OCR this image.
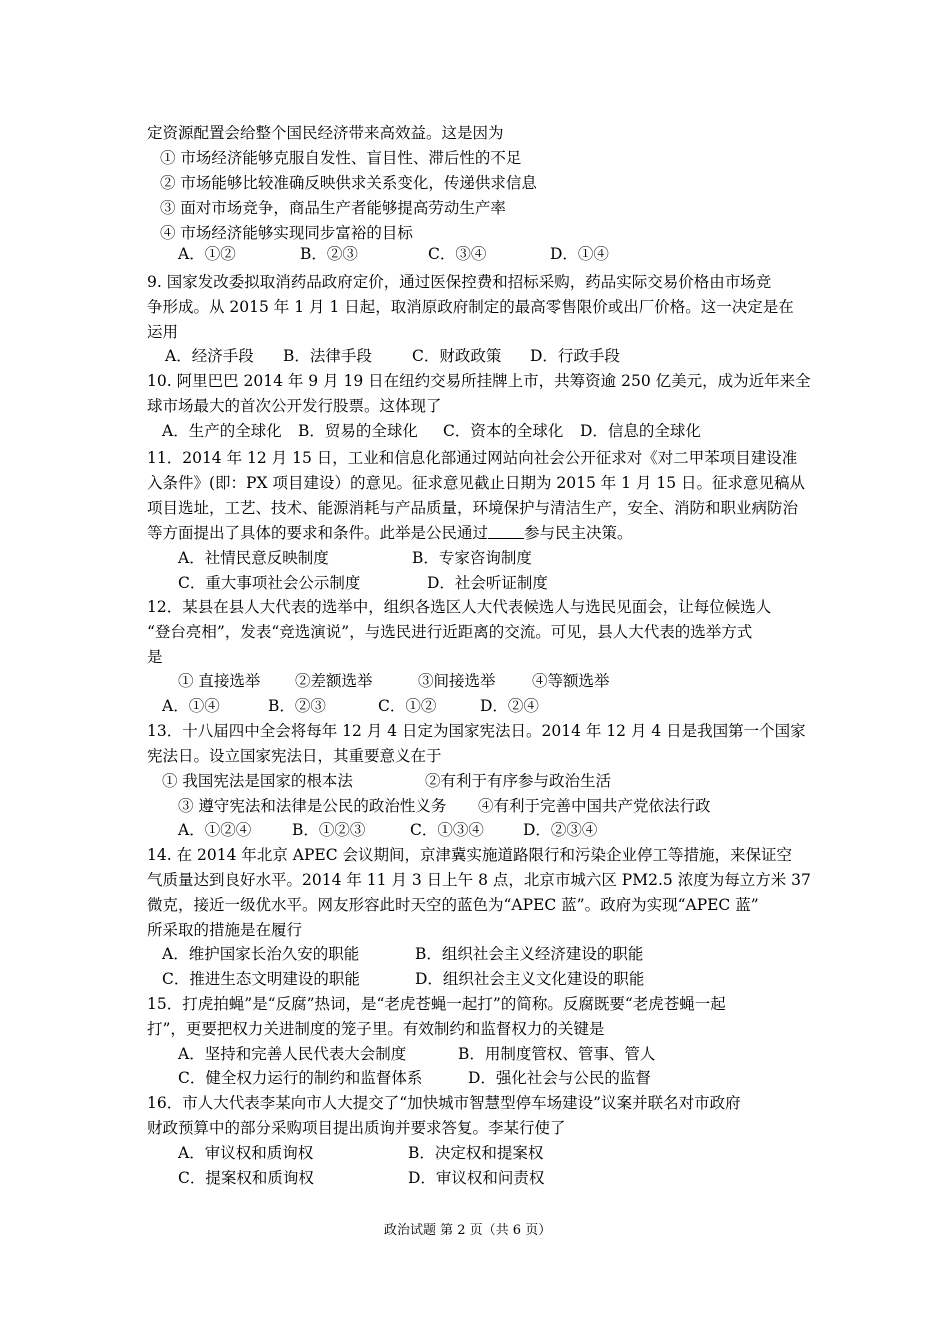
定资源配置会给整个国民经济带来高效益。这是因为
① 市场经济能够克服自发性、盲目性、滞后性的不足
② 市场能够比较准确反映供求关系变化，传递供求信息
③ 面对市场竞争，商品生产者能够提高劳动生产率
④ 市场经济能够实现同步富裕的目标
A．①②	B．②③	C．③④	D．①④
9. 国家发改委拟取消药品政府定价，通过医保控费和招标采购，药品实际交易价格由市场竞
争形成。从 2015 年 1 月 1 日起，取消原政府制定的最高零售限价或出厂价格。这一决定是在
运用
A．经济手段 B．法律手段	C．财政政策 D．行政手段
10. 阿里巴巴 2014 年 9 月 19 日在纽约交易所挂牌上市，共筹资逾 250 亿美元，成为近年来全
球市场最大的首次公开发行股票。这体现了
A．生产的全球化 B．贸易的全球化 C．资本的全球化 D．信息的全球化
11．2014 年 12 月 15 日，工业和信息化部通过网站向社会公开征求对《对二甲苯项目建设准
入条件》(即：PX 项目建设）的意见。征求意见截止日期为 2015 年 1 月 15 日。征求意见稿从
项目选址，工艺、技术、能源消耗与产品质量，环境保护与清洁生产，安全、消防和职业病防治
等方面提出了具体的要求和条件。此举是公民通过 参与民主决策。
A．社情民意反映制度	B．专家咨询制度
C．重大事项社会公示制度	D．社会听证制度
12．某县在县人大代表的选举中，组织各选区人大代表候选人与选民见面会，让每位候选人
“登台亮相”，发表“竞选演说”，与选民进行近距离的交流。可见，县人大代表的选举方式
是
① 直接选举 ②差额选举	③间接选举 ④等额选举
A．①④	B．②③	C．①②	D．②④
13．十八届四中全会将每年 12 月 4 日定为国家宪法日。2014 年 12 月 4 日是我国第一个国家
宪法日。设立国家宪法日，其重要意义在于
① 我国宪法是国家的根本法	②有利于有序参与政治生活
③ 遵守宪法和法律是公民的政治性义务 ④有利于完善中国共产党依法行政
A．①②④	B．①②③	C．①③④	D．②③④
14. 在 2014 年北京 APEC 会议期间，京津冀实施道路限行和污染企业停工等措施，来保证空
气质量达到良好水平。2014 年 11 月 3 日上午 8 点，北京市城六区 PM2.5 浓度为每立方米 37
微克，接近一级优水平。网友形容此时天空的蓝色为“APEC 蓝”。政府为实现“APEC 蓝”
所采取的措施是在履行
A．维护国家长治久安的职能	B．组织社会主义经济建设的职能
C．推进生态文明建设的职能	D．组织社会主义文化建设的职能
15．打虎拍蝇”是“反腐”热词，是“老虎苍蝇一起打”的简称。反腐既要“老虎苍蝇一起
打”，更要把权力关进制度的笼子里。有效制约和监督权力的关键是
A．坚持和完善人民代表大会制度	B．用制度管权、管事、管人
C．健全权力运行的制约和监督体系	D．强化社会与公民的监督
16．市人大代表李某向市人大提交了“加快城市智慧型停车场建设”议案并联名对市政府
财政预算中的部分采购项目提出质询并要求答复。李某行使了
A．审议权和质询权	B．决定权和提案权
C．提案权和质询权	D．审议权和问责权
政治试题 第 2 页（共 6 页）
